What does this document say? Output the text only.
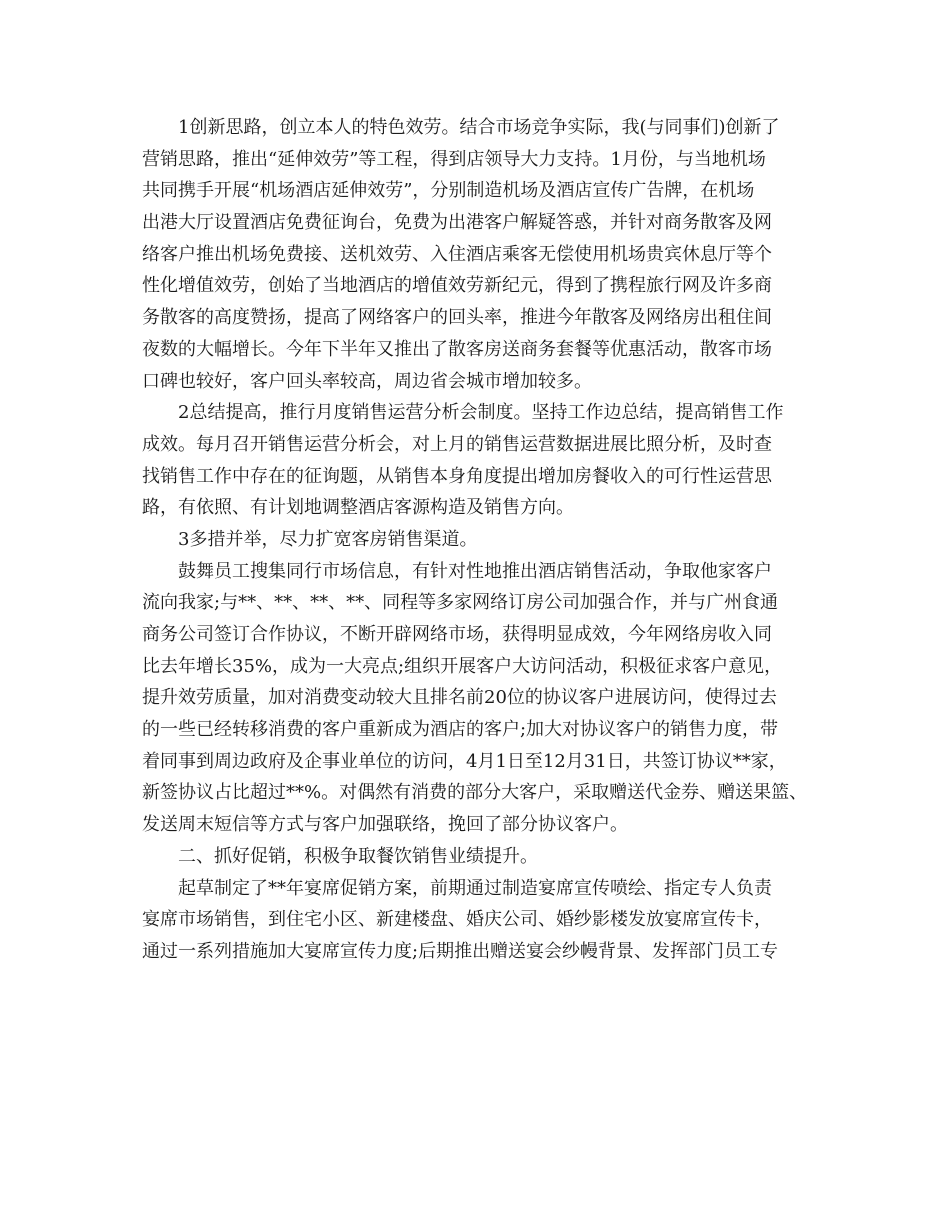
1创新思路，创立本人的特色效劳。结合市场竞争实际，我(与同事们)创新了
营销思路，推出“延伸效劳”等工程，得到店领导大力支持。1月份，与当地机场
共同携手开展“机场酒店延伸效劳”，分别制造机场及酒店宣传广告牌，在机场
出港大厅设置酒店免费征询台，免费为出港客户解疑答惑，并针对商务散客及网
络客户推出机场免费接、送机效劳、入住酒店乘客无偿使用机场贵宾休息厅等个
性化增值效劳，创始了当地酒店的增值效劳新纪元，得到了携程旅行网及许多商
务散客的高度赞扬，提高了网络客户的回头率，推进今年散客及网络房出租住间
夜数的大幅增长。今年下半年又推出了散客房送商务套餐等优惠活动，散客市场
口碑也较好，客户回头率较高，周边省会城市增加较多。
2总结提高，推行月度销售运营分析会制度。坚持工作边总结，提高销售工作
成效。每月召开销售运营分析会，对上月的销售运营数据进展比照分析，及时查
找销售工作中存在的征询题，从销售本身角度提出增加房餐收入的可行性运营思
路，有依照、有计划地调整酒店客源构造及销售方向。
3多措并举，尽力扩宽客房销售渠道。
鼓舞员工搜集同行市场信息，有针对性地推出酒店销售活动，争取他家客户
流向我家;与**、**、**、**、同程等多家网络订房公司加强合作，并与广州食通
商务公司签订合作协议，不断开辟网络市场，获得明显成效，今年网络房收入同
比去年增长35%，成为一大亮点;组织开展客户大访问活动，积极征求客户意见，
提升效劳质量，加对消费变动较大且排名前20位的协议客户进展访问，使得过去
的一些已经转移消费的客户重新成为酒店的客户;加大对协议客户的销售力度，带
着同事到周边政府及企事业单位的访问，4月1日至12月31日，共签订协议**家，
新签协议占比超过**%。对偶然有消费的部分大客户，采取赠送代金券、赠送果篮、
发送周末短信等方式与客户加强联络，挽回了部分协议客户。
二、抓好促销，积极争取餐饮销售业绩提升。
起草制定了**年宴席促销方案，前期通过制造宴席宣传喷绘、指定专人负责
宴席市场销售，到住宅小区、新建楼盘、婚庆公司、婚纱影楼发放宴席宣传卡，
通过一系列措施加大宴席宣传力度;后期推出赠送宴会纱幔背景、发挥部门员工专
